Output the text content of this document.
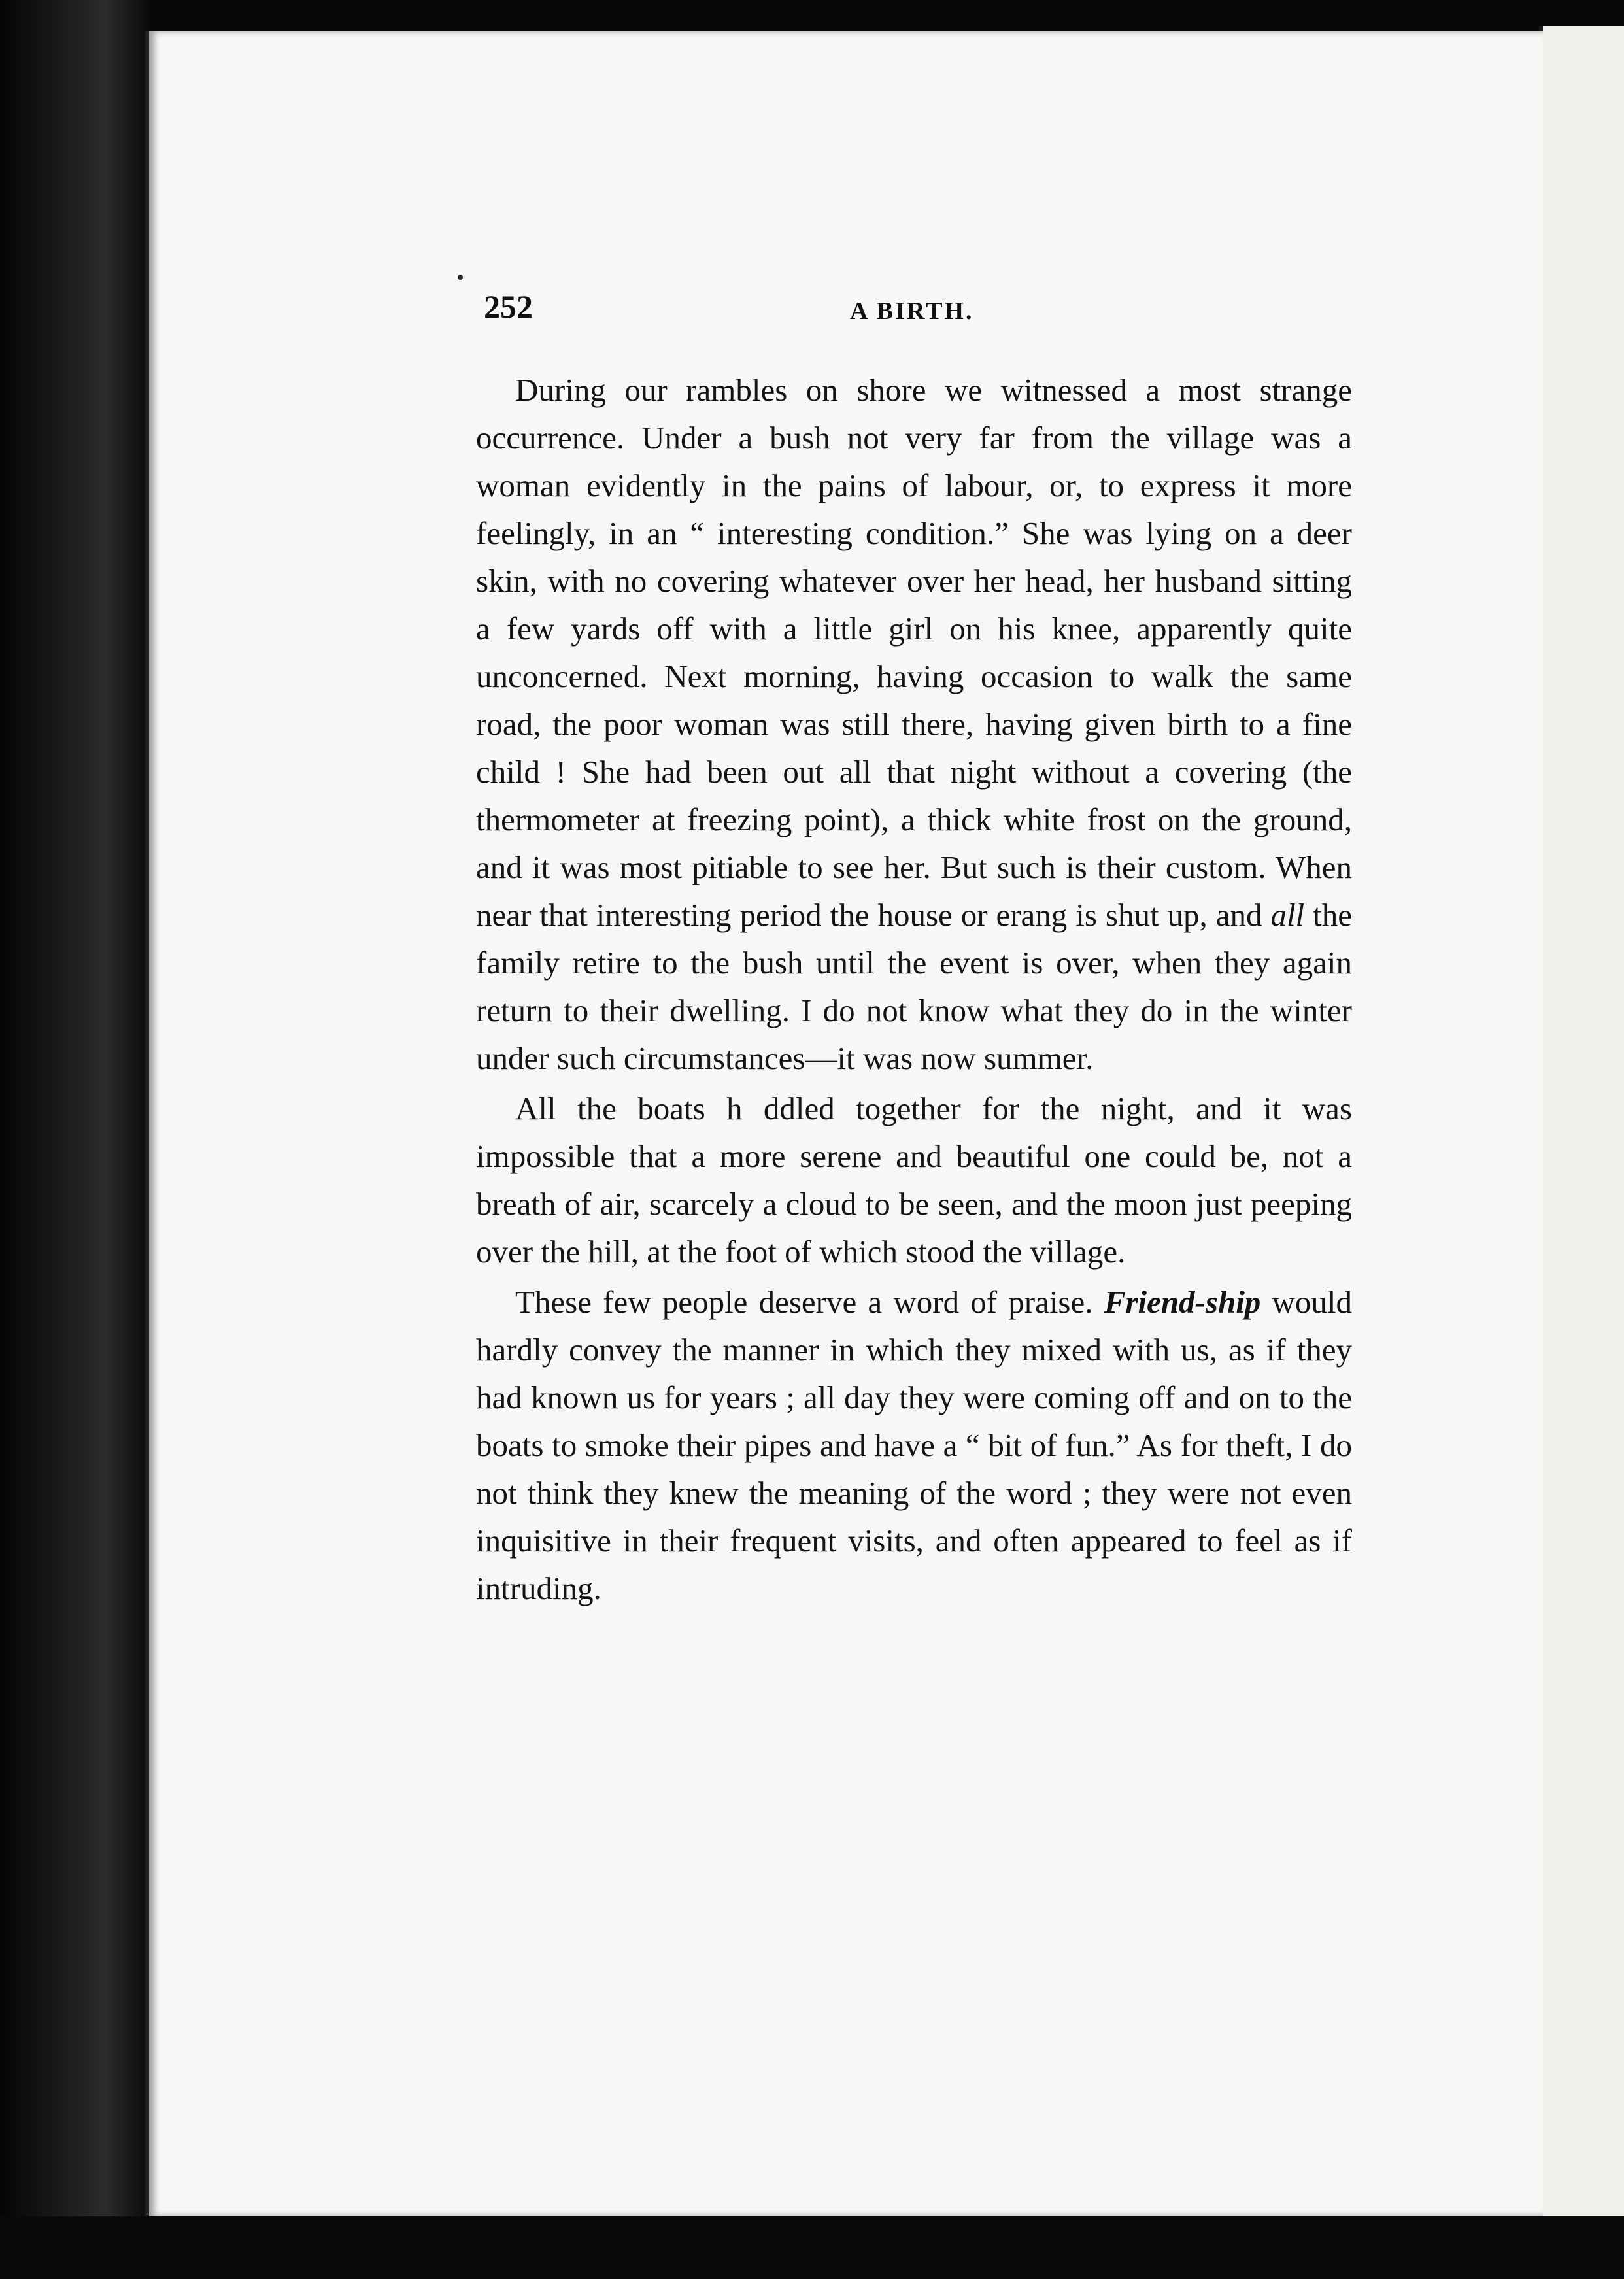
252	A BIRTH.

During our rambles on shore we witnessed a most strange occurrence. Under a bush not very far from the village was a woman evidently in the pains of labour, or, to express it more feelingly, in an “ interesting condition.” She was lying on a deer skin, with no covering whatever over her head, her husband sitting a few yards off with a little girl on his knee, apparently quite unconcerned. Next morning, having occasion to walk the same road, the poor woman was still there, having given birth to a fine child ! She had been out all that night without a covering (the thermometer at freezing point), a thick white frost on the ground, and it was most pitiable to see her. But such is their custom. When near that interesting period the house or erang is shut up, and all the family retire to the bush until the event is over, when they again return to their dwelling. I do not know what they do in the winter under such circumstances—it was now summer.

All the boats h ddled together for the night, and it was impossible that a more serene and beautiful one could be, not a breath of air, scarcely a cloud to be seen, and the moon just peeping over the hill, at the foot of which stood the village.

These few people deserve a word of praise. Friend-ship would hardly convey the manner in which they mixed with us, as if they had known us for years ; all day they were coming off and on to the boats to smoke their pipes and have a “ bit of fun.” As for theft, I do not think they knew the meaning of the word ; they were not even inquisitive in their frequent visits, and often appeared to feel as if intruding.
